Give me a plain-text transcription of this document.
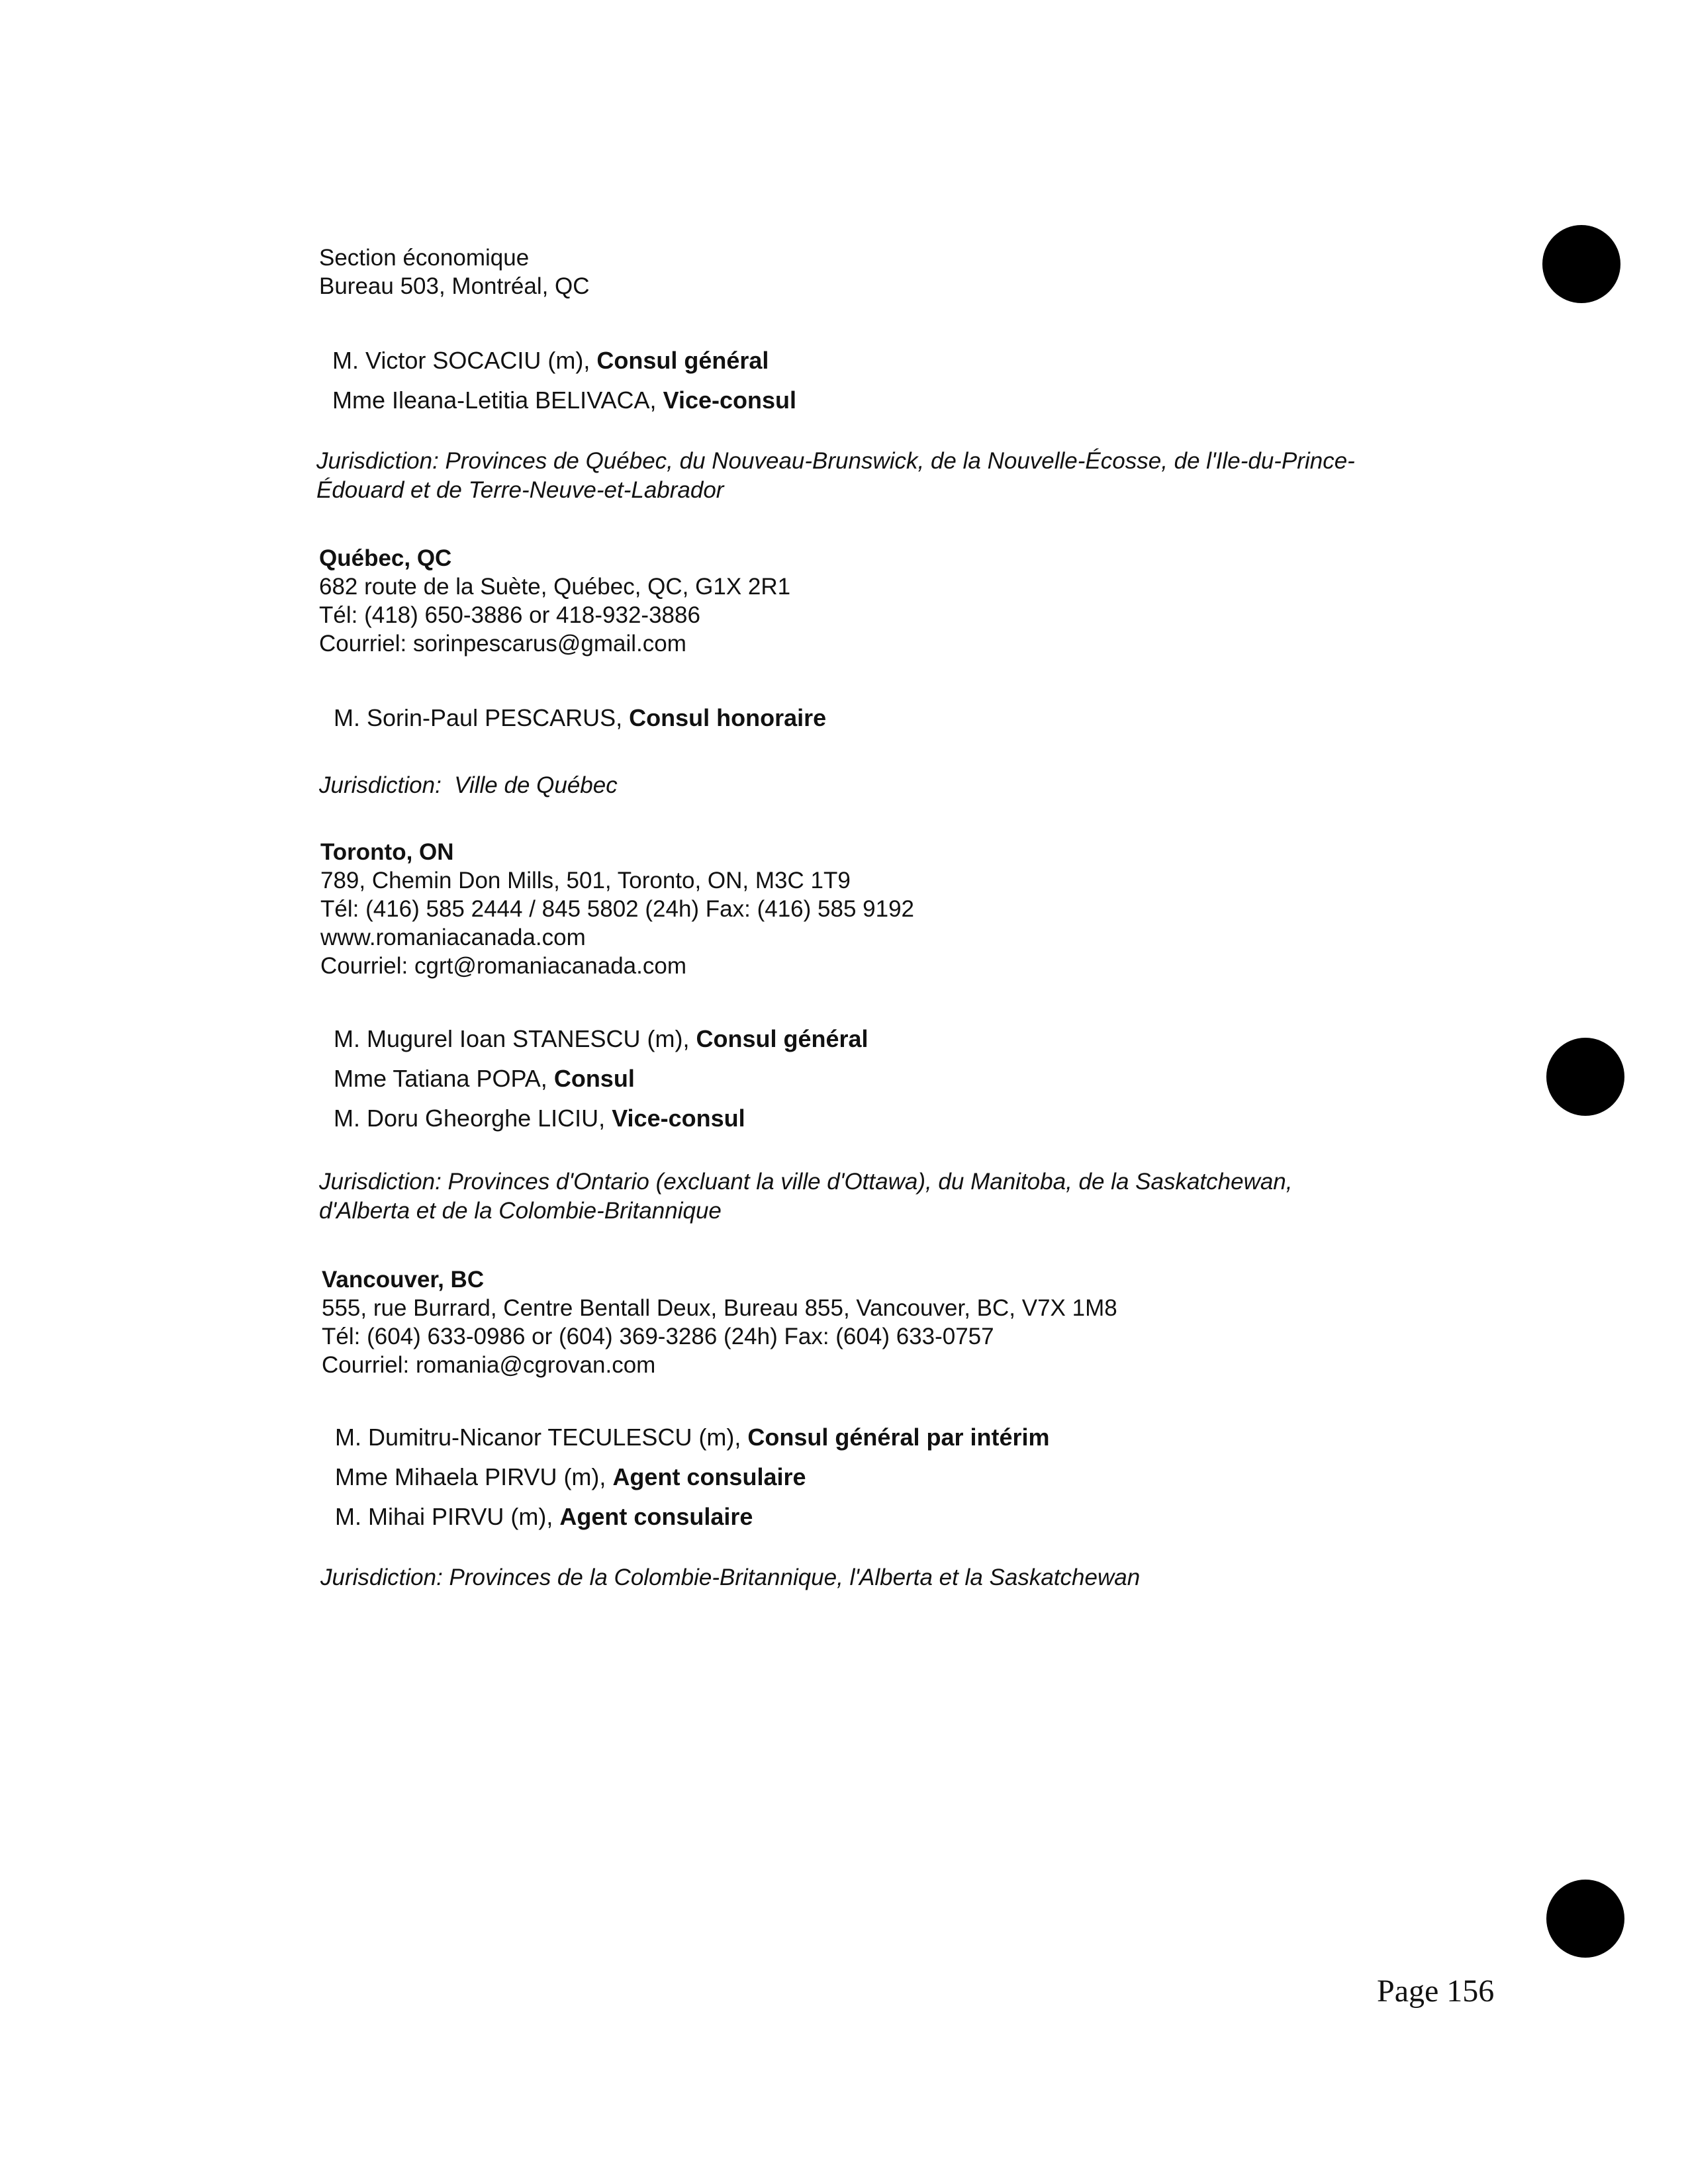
Section économique
Bureau 503, Montréal, QC
M. Victor SOCACIU (m), Consul général
Mme Ileana-Letitia BELIVACA, Vice-consul
Jurisdiction: Provinces de Québec, du Nouveau-Brunswick, de la Nouvelle-Écosse, de l'Ile-du-Prince-
Édouard et de Terre-Neuve-et-Labrador
Québec, QC
682 route de la Suète, Québec, QC, G1X 2R1
Tél: (418) 650-3886 or 418-932-3886
Courriel: sorinpescarus@gmail.com
M. Sorin-Paul PESCARUS, Consul honoraire
Jurisdiction: Ville de Québec
Toronto, ON
789, Chemin Don Mills, 501, Toronto, ON, M3C 1T9
Tél: (416) 585 2444 / 845 5802 (24h) Fax: (416) 585 9192
www.romaniacanada.com
Courriel: cgrt@romaniacanada.com
M. Mugurel Ioan STANESCU (m), Consul général
Mme Tatiana POPA, Consul
M. Doru Gheorghe LICIU, Vice-consul
Jurisdiction: Provinces d'Ontario (excluant la ville d'Ottawa), du Manitoba, de la Saskatchewan,
d'Alberta et de la Colombie-Britannique
Vancouver, BC
555, rue Burrard, Centre Bentall Deux, Bureau 855, Vancouver, BC, V7X 1M8
Tél: (604) 633-0986 or (604) 369-3286 (24h) Fax: (604) 633-0757
Courriel: romania@cgrovan.com
M. Dumitru-Nicanor TECULESCU (m), Consul général par intérim
Mme Mihaela PIRVU (m), Agent consulaire
M. Mihai PIRVU (m), Agent consulaire
Jurisdiction: Provinces de la Colombie-Britannique, l'Alberta et la Saskatchewan
Page 156
